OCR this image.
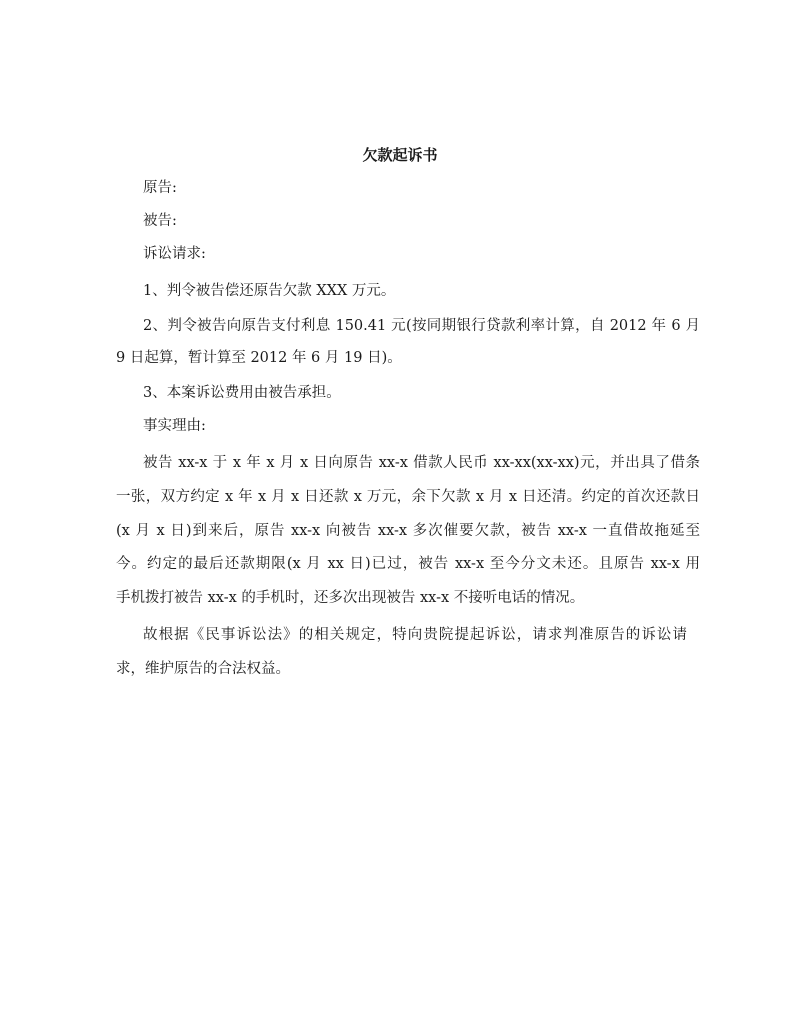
欠款起诉书
原告:
被告:
诉讼请求:
1、判令被告偿还原告欠款 XXX 万元。
2、判令被告向原告支付利息 150.41 元(按同期银行贷款利率计算，自 2012 年 6 月
9 日起算，暂计算至 2012 年 6 月 19 日)。
3、本案诉讼费用由被告承担。
事实理由:
被告 xx-x 于 x 年 x 月 x 日向原告 xx-x 借款人民币 xx-xx(xx-xx)元，并出具了借条
一张，双方约定 x 年 x 月 x 日还款 x 万元，余下欠款 x 月 x 日还清。约定的首次还款日
(x 月 x 日)到来后，原告 xx-x 向被告 xx-x 多次催要欠款，被告 xx-x 一直借故拖延至
今。约定的最后还款期限(x 月 xx 日)已过，被告 xx-x 至今分文未还。且原告 xx-x 用
手机拨打被告 xx-x 的手机时，还多次出现被告 xx-x 不接听电话的情况。
故根据《民事诉讼法》的相关规定，特向贵院提起诉讼，请求判准原告的诉讼请
求，维护原告的合法权益。
